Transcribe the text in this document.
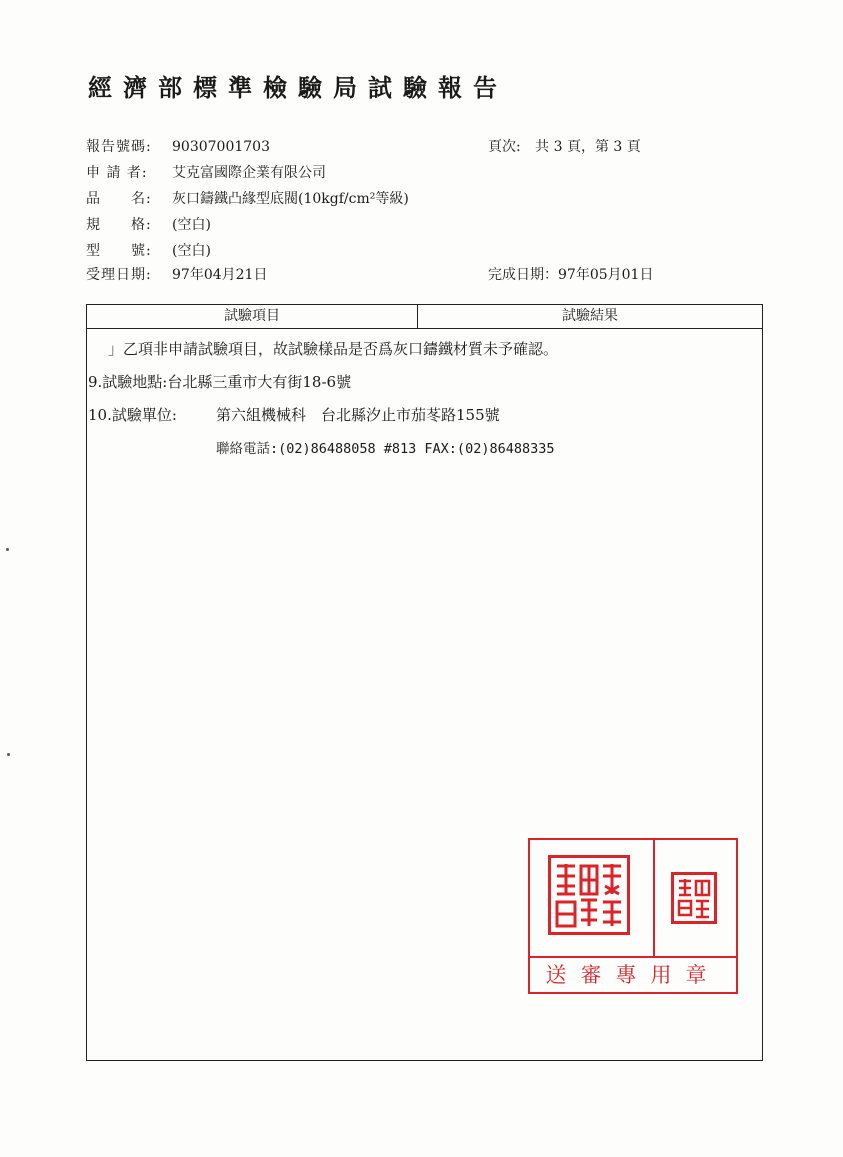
經濟部標準檢驗局試驗報告
報告號碼: 90307001703	頁次: 共 3 頁，第 3 頁
申 請 者: 艾克富國際企業有限公司
品　　名: 灰口鑄鐵凸緣型底閥(10kgf/cm²等級)
規　　格: (空白)
型　　號: (空白)
受理日期: 97年04月21日	完成日期：97年05月01日
試驗項目	試驗結果
」乙項非申請試驗項目，故試驗樣品是否爲灰口鑄鐵材質未予確認。
9.試驗地點:台北縣三重市大有街18-6號
10.試驗單位:	第六組機械科　台北縣汐止市茄苳路155號
聯絡電話:(02)86488058 #813 FAX:(02)86488335
送審專用章
